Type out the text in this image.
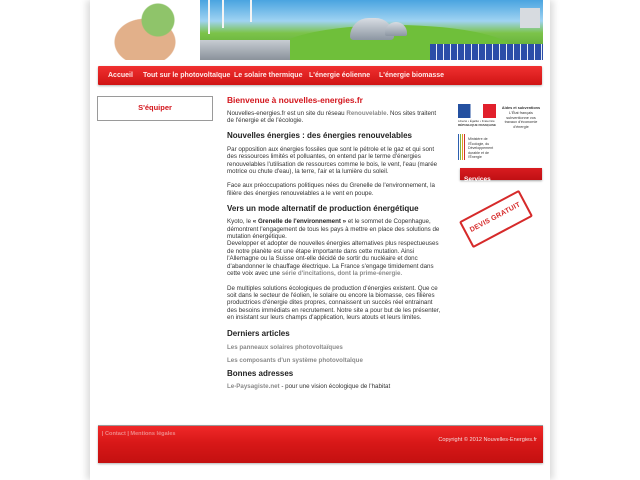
Accueil Tout sur le photovoltaïque Le solaire thermique L'énergie éolienne L'énergie biomasse
S'équiper
Bienvenue à nouvelles-energies.fr

Nouvelles-energies.fr est un site du réseau Renouvelable. Nos sites traitent de l'énergie et de l'écologie.

Nouvelles énergies : des énergies renouvelables

Par opposition aux énergies fossiles que sont le pétrole et le gaz et qui sont des ressources limités et polluantes, on entend par le terme d'énergies renouvelables l'utilisation de ressources comme le bois, le vent, l'eau (marée motrice ou chute d'eau), la terre, l'air et la lumière du soleil.

Face aux préoccupations politiques nées du Grenelle de l'environnement, la filière des énergies renouvelables a le vent en poupe.

Vers un mode alternatif de production énergétique

Kyoto, le « Grenelle de l'environnement » et le sommet de Copenhague, démontrent l'engagement de tous les pays à mettre en place des solutions de mutation énergétique.
Developper et adopter de nouvelles énergies alternatives plus respectueuses de notre planète est une étape importante dans cette mutation. Ainsi l'Allemagne ou la Suisse ont-elle décidé de sortir du nucléaire et donc d'abandonner le chauffage électrique. La France s'engage timidement dans cette voix avec une série d'incitations, dont la prime-énergie.

De multiples solutions écologiques de production d'énergies existent. Que ce soit dans le secteur de l'éolien, le solaire ou encore la biomasse, ces filières productrices d'énergie dites propres, connaissent un succès réel entrainant des besoins immédiats en recrutement. Notre site a pour but de les présenter, en insistant sur leurs champs d'application, leurs atouts et leurs limites.

Derniers articles

Les panneaux solaires photovoltaïques

Les composants d'un système photovoltaïque

Bonnes adresses

Le-Paysagiste.net - pour une vision écologique de l'habitat

Liberté • Égalité • Fraternité
RÉPUBLIQUE FRANÇAISE
Ministère de l'Écologie, du Développement durable et de l'Énergie
Aides et subventions
L'État français subventionne vos travaux d'économie d'énergie
Services
DEVIS GRATUIT
| Contact | Mentions légales
Copyright © 2012 Nouvelles-Energies.fr
